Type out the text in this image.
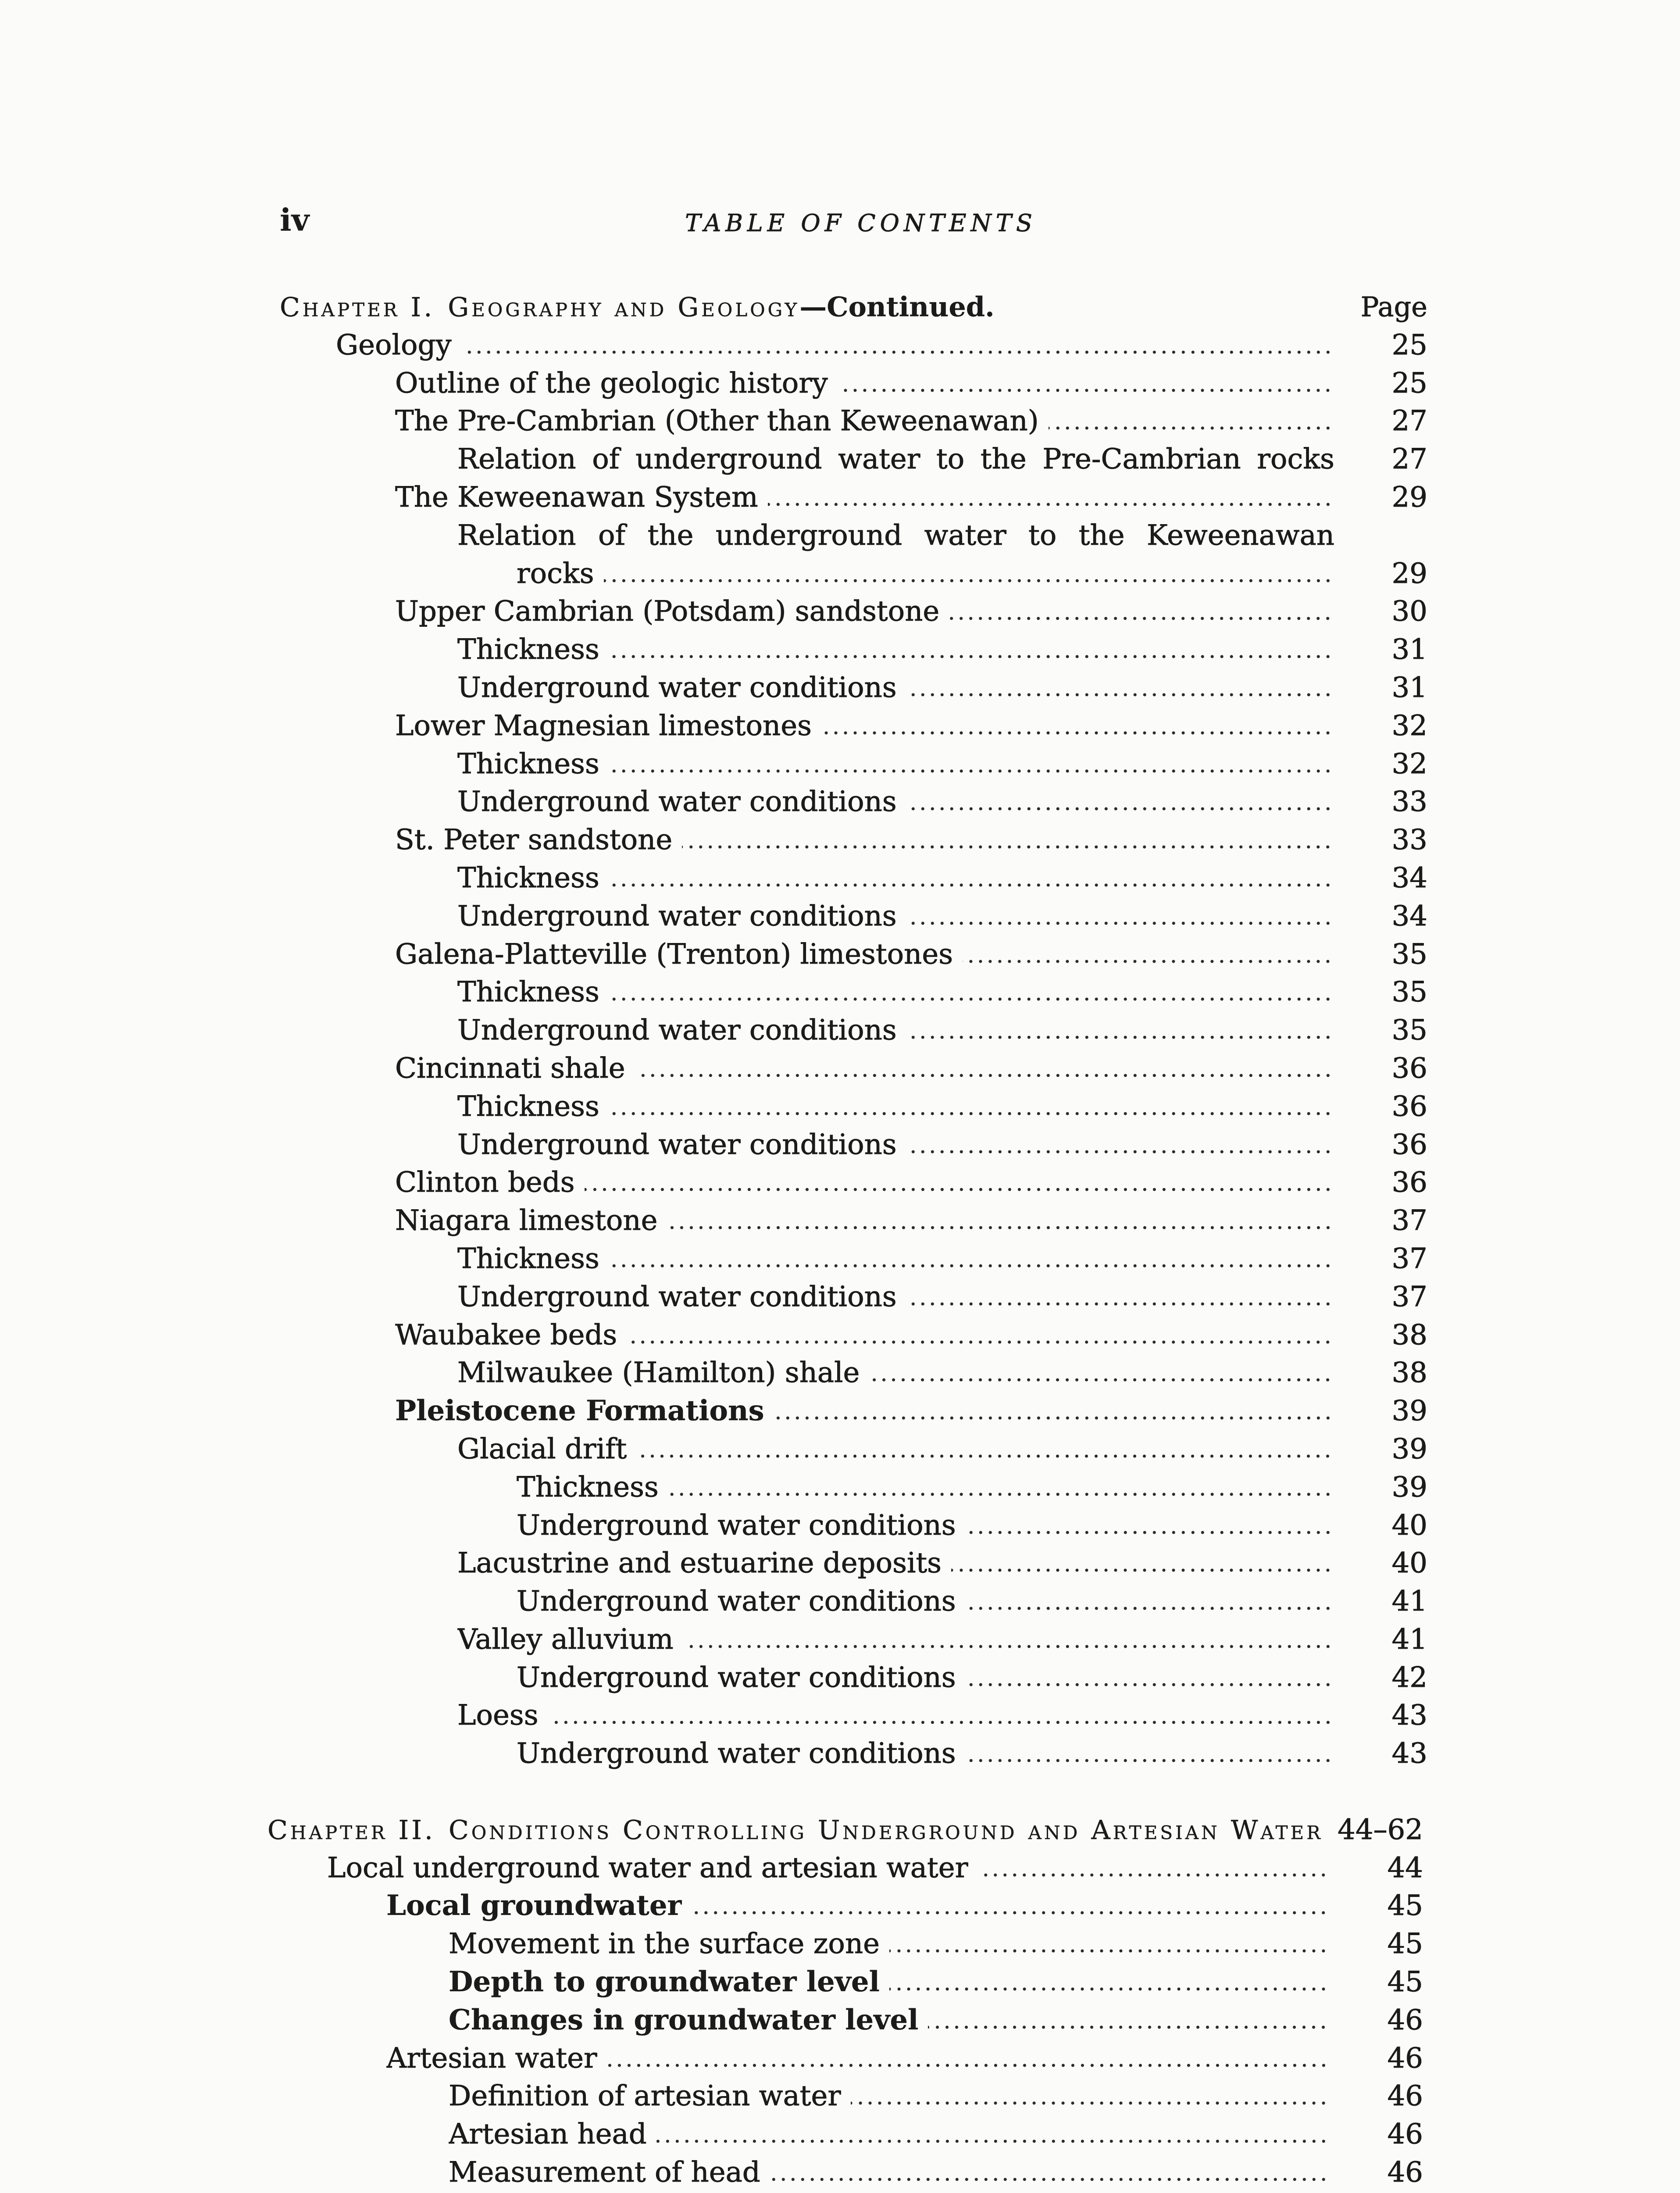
iv	TABLE OF CONTENTS
Chapter I. Geography and Geology—Continued.	Page
Geology	25
Outline of the geologic history	25
The Pre-Cambrian (Other than Keweenawan)	27
Relation of underground water to the Pre-Cambrian rocks	27
The Keweenawan System	29
Relation of the underground water to the Keweenawan
rocks	29
Upper Cambrian (Potsdam) sandstone	30
Thickness	31
Underground water conditions	31
Lower Magnesian limestones	32
Thickness	32
Underground water conditions	33
St. Peter sandstone	33
Thickness	34
Underground water conditions	34
Galena-Platteville (Trenton) limestones	35
Thickness	35
Underground water conditions	35
Cincinnati shale	36
Thickness	36
Underground water conditions	36
Clinton beds	36
Niagara limestone	37
Thickness	37
Underground water conditions	37
Waubakee beds	38
Milwaukee (Hamilton) shale	38
Pleistocene Formations	39
Glacial drift	39
Thickness	39
Underground water conditions	40
Lacustrine and estuarine deposits	40
Underground water conditions	41
Valley alluvium	41
Underground water conditions	42
Loess	43
Underground water conditions	43
Chapter II. Conditions Controlling Underground and Artesian Water 44–62
Local underground water and artesian water	44
Local groundwater	45
Movement in the surface zone	45
Depth to groundwater level	45
Changes in groundwater level	46
Artesian water	46
Definition of artesian water	46
Artesian head	46
Measurement of head	46
